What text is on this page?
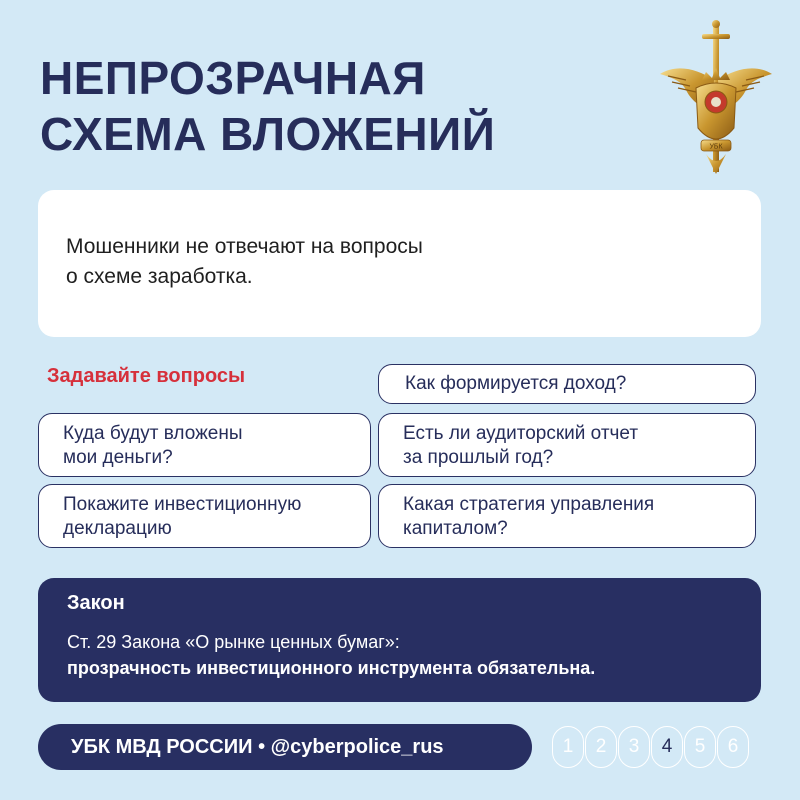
НЕПРОЗРАЧНАЯ
СХЕМА ВЛОЖЕНИЙ	УБК
Мошенники не отвечают на вопросы
о схеме заработка.
Задавайте вопросы	Как формируется доход?
Куда будут вложены
мои деньги?
Есть ли аудиторский отчет
за прошлый год?
Покажите инвестиционную
декларацию
Какая стратегия управления
капиталом?
Закон
Ст. 29 Закона «О рынке ценных бумаг»:
прозрачность инвестиционного инструмента обязательна.
УБК МВД РОССИИ • @cyberpolice_rus	1	2	3	4	5	6
